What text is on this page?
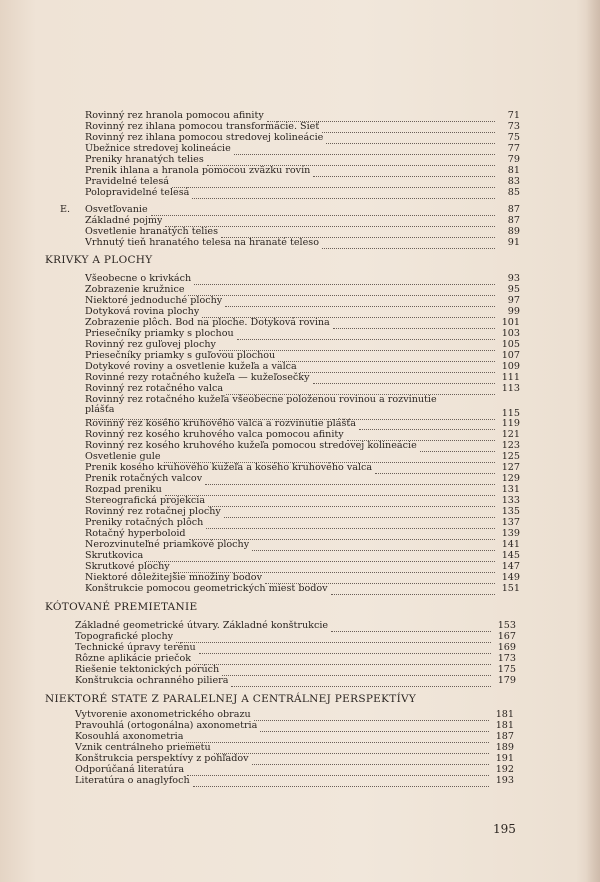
Rovinný rez hranola pomocou afinity	71
Rovinný rez ihlana pomocou transformácie. Sieť	73
Rovinný rez ihlana pomocou stredovej kolineácie	75
Úbežnice stredovej kolineácie	77
Preniky hranatých telies	79
Prenik ihlana a hranola pomocou zväzku rovín	81
Pravidelné telesá	83
Polopravidelné telesá	85
E. Osvetľovanie	87
Základné pojmy	87
Osvetlenie hranatých telies	89
Vrhnutý tieň hranatého telesa na hranaté teleso	91
KRIVKY A PLOCHY
Všeobecne o krivkách	93
Zobrazenie kružnice	95
Niektoré jednoduché plochy	97
Dotyková rovina plochy	99
Zobrazenie plôch. Bod na ploche. Dotyková rovina	101
Priesečníky priamky s plochou	103
Rovinný rez guľovej plochy	105
Priesečníky priamky s guľovou plochou	107
Dotykové roviny a osvetlenie kužeľa a valca	109
Rovinné rezy rotačného kužeľa — kužeľosečky	111
Rovinný rez rotačného valca	113
Rovinný rez rotačného kužeľa všeobecne položenou rovinou a rozvinutie
plášťa	115
Rovinný rez kosého kruhového valca a rozvinutie plášťa	119
Rovinný rez kosého kruhového valca pomocou afinity	121
Rovinný rez kosého kruhového kužeľa pomocou stredovej kolineácie	123
Osvetlenie gule	125
Prenik kosého kruhového kužeľa a kosého kruhového valca	127
Prenik rotačných valcov	129
Rozpad preniku	131
Stereografická projekcia	133
Rovinný rez rotačnej plochy	135
Preniky rotačných plôch	137
Rotačný hyperboloid	139
Nerozvinuteľné priamkové plochy	141
Skrutkovica	145
Skrutkové plochy	147
Niektoré dôležitejšie množiny bodov	149
Konštrukcie pomocou geometrických miest bodov	151
KÓTOVANÉ PREMIETANIE
Základné geometrické útvary. Základné konštrukcie	153
Topografické plochy	167
Technické úpravy terénu	169
Rôzne aplikácie priečok	173
Riešenie tektonických porúch	175
Konštrukcia ochranného piliera	179
NIEKTORÉ STATE Z PARALELNEJ A CENTRÁLNEJ PERSPEKTÍVY
Vytvorenie axonometrického obrazu	181
Pravouhlá (ortogonálna) axonometria	181
Kosouhlá axonometria	187
Vznik centrálneho priemetu	189
Konštrukcia perspektívy z pohľadov	191
Odporúčaná literatúra	192
Literatúra o anaglyfoch	193
195
